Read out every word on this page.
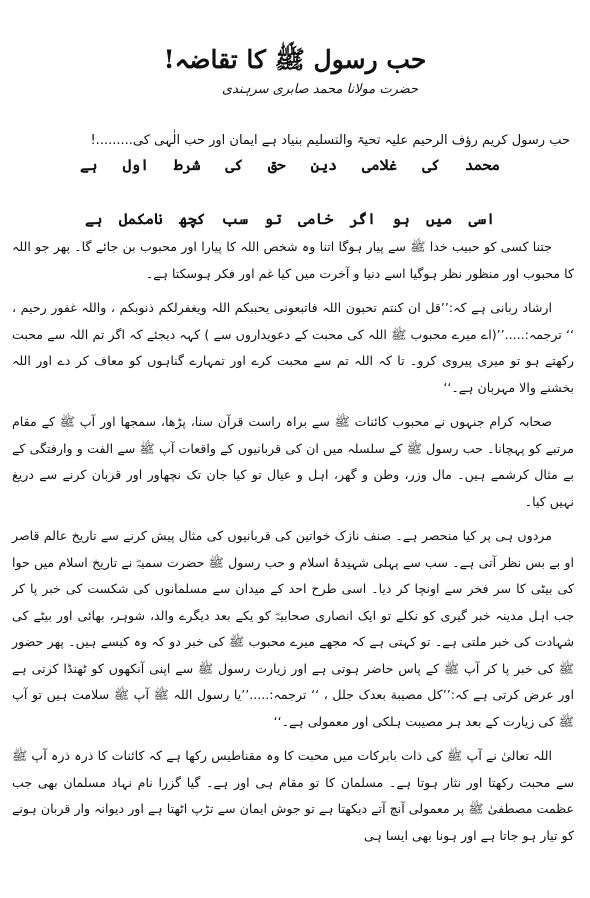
حب رسول ﷺ کا تقاضہ!
حضرت مولانا محمد صابری سرہندی
حب رسول کریم رؤف الرحیم علیہ تحیۃ والتسلیم بنیاد ہے ایمان اور حب الٰہی کی.........!
محمد کی غلامی دین حق کی شرط اول ہے
اسی میں ہو اگر خامی تو سب کچھ نامکمل ہے

جتنا کسی کو حبیب خدا ﷺ سے پیار ہوگا اتنا وہ شخص اللہ کا پیارا اور محبوب بن جائے گا۔ پھر جو اللہ کا محبوب اور منظور نظر ہوگیا اسے دنیا و آخرت میں کیا غم اور فکر ہوسکتا ہے۔

ارشاد ربانی ہے کہ:’’قل ان کنتم تحبون اللہ فاتبعونی یحببکم اللہ ویغفرلکم ذنوبکم ، واللہ غفور رحیم ، ‘‘ ترجمہ:.....’’(اے میرے محبوب ﷺ اللہ کی محبت کے دعویداروں سے ) کہہ دیجئے کہ اگر تم اللہ سے محبت رکھتے ہو تو میری پیروی کرو۔ تا کہ اللہ تم سے محبت کرے اور تمہارے گناہوں کو معاف کر دے اور اللہ بخشنے والا مہربان ہے۔‘‘

صحابہ کرام جنہوں نے محبوب کائنات ﷺ سے براہ راست قرآن سنا، پڑھا، سمجھا اور آپ ﷺ کے مقام مرتبے کو پہچانا۔ حب رسول ﷺ کے سلسلہ میں ان کی قربانیوں کے واقعات آپ ﷺ سے الفت و وارفتگی کے بے مثال کرشمے ہیں۔ مال وزر، وطن و گھر، اہل و عیال تو کیا جان تک نچھاور اور قربان کرنے سے دریغ نہیں کیا۔

مردوں ہی پر کیا منحصر ہے۔ صنف نازک خواتین کی قربانیوں کی مثال پیش کرنے سے تاریخ عالم قاصر او بے بس نظر آتی ہے۔ سب سے پہلی شہیدۂ اسلام و حب رسول ﷺ حضرت سمیہؓ نے تاریخ اسلام میں حوا کی بیٹی کا سر فخر سے اونچا کر دیا۔ اسی طرح احد کے میدان سے مسلمانوں کی شکست کی خبر پا کر جب اہل مدینہ خبر گیری کو نکلے تو ایک انصاری صحابیہؓ کو یکے بعد دیگرے والد، شوہر، بھائی اور بیٹے کی شہادت کی خبر ملتی ہے۔ تو کہتی ہے کہ مجھے میرے محبوب ﷺ کی خبر دو کہ وہ کیسے ہیں۔ پھر حضور ﷺ کی خبر پا کر آپ ﷺ کے پاس حاضر ہوتی ہے اور زیارت رسول ﷺ سے اپنی آنکھوں کو ٹھنڈا کرتی ہے اور عرض کرتی ہے کہ:’’کل مصیبة بعدک جلل ، ‘‘ ترجمہ:.....’’یا رسول اللہ ﷺ آپ ﷺ سلامت ہیں تو آپ ﷺ کی زیارت کے بعد ہر مصیبت ہلکی اور معمولی ہے۔‘‘

اللہ تعالیٰ نے آپ ﷺ کی ذات بابرکات میں محبت کا وہ مقناطیس رکھا ہے کہ کائنات کا ذرہ ذرہ آپ ﷺ سے محبت رکھتا اور نثار ہوتا ہے۔ مسلمان کا تو مقام ہی اور ہے۔ گیا گزرا نام نہاد مسلمان بھی جب عظمت مصطفیٰ ﷺ پر معمولی آنچ آتے دیکھتا ہے تو جوش ایمان سے تڑپ اٹھتا ہے اور دیوانہ وار قربان ہونے کو تیار ہو جاتا ہے اور ہونا بھی ایسا ہی
